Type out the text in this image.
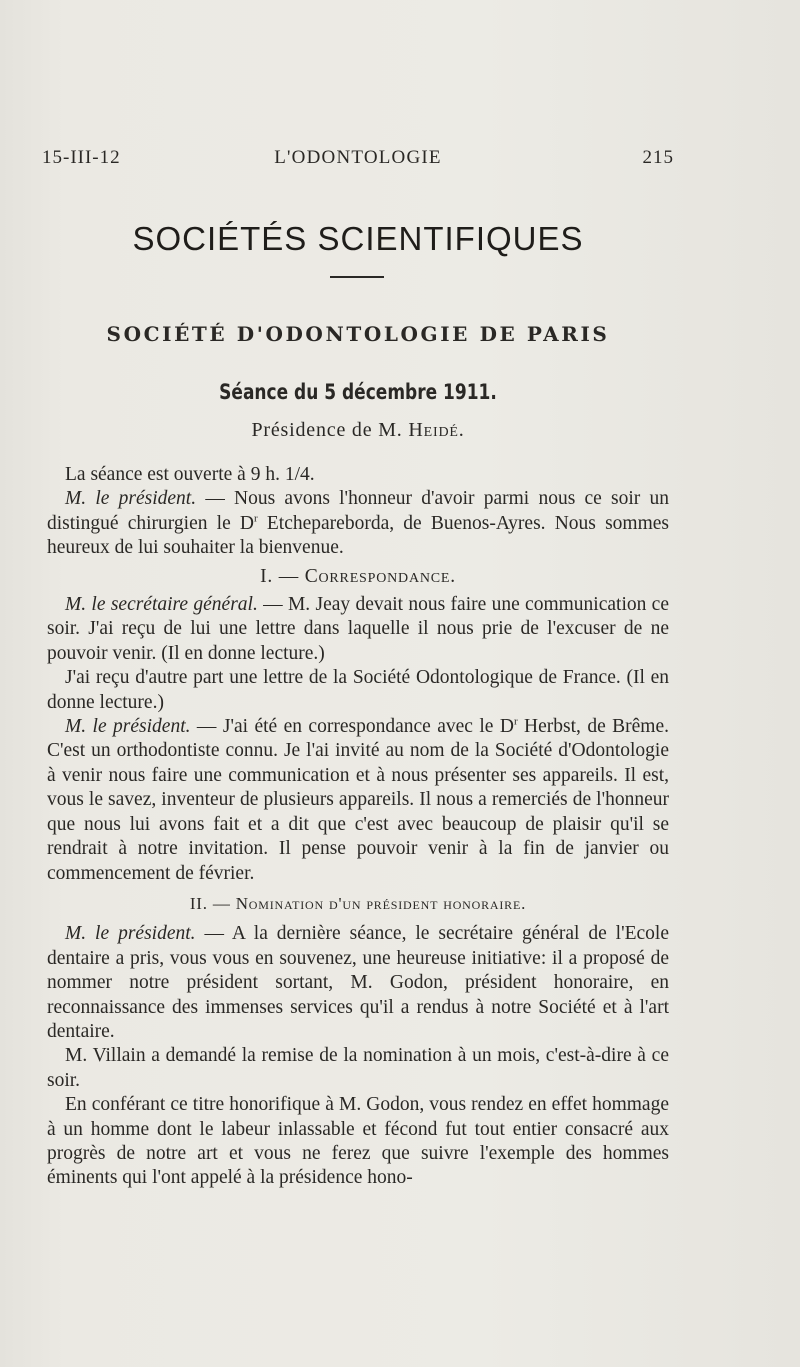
15-III-12	L'ODONTOLOGIE	215
SOCIÉTÉS SCIENTIFIQUES
SOCIÉTÉ D'ODONTOLOGIE DE PARIS
Séance du 5 décembre 1911.
Présidence de M. Heidé.

La séance est ouverte à 9 h. 1/4.

M. le président. — Nous avons l'honneur d'avoir parmi nous ce soir un distingué chirurgien le $D^r$ Etchepareborda, de Buenos-Ayres. Nous sommes heureux de lui souhaiter la bienvenue.

I. — Correspondance.

M. le secrétaire général. — M. Jeay devait nous faire une communication ce soir. J'ai reçu de lui une lettre dans laquelle il nous prie de l'excuser de ne pouvoir venir. (Il en donne lecture.)

J'ai reçu d'autre part une lettre de la Société Odontologique de France. (Il en donne lecture.)

M. le président. — J'ai été en correspondance avec le $D^r$ Herbst, de Brême. C'est un orthodontiste connu. Je l'ai invité au nom de la Société d'Odontologie à venir nous faire une communication et à nous présenter ses appareils. Il est, vous le savez, inventeur de plusieurs appareils. Il nous a remerciés de l'honneur que nous lui avons fait et a dit que c'est avec beaucoup de plaisir qu'il se rendrait à notre invitation. Il pense pouvoir venir à la fin de janvier ou commencement de février.

II. — Nomination d'un président honoraire.

M. le président. — A la dernière séance, le secrétaire général de l'Ecole dentaire a pris, vous vous en souvenez, une heureuse initiative: il a proposé de nommer notre président sortant, M. Godon, président honoraire, en reconnaissance des immenses services qu'il a rendus à notre Société et à l'art dentaire.

M. Villain a demandé la remise de la nomination à un mois, c'est-à-dire à ce soir.

En conférant ce titre honorifique à M. Godon, vous rendez en effet hommage à un homme dont le labeur inlassable et fécond fut tout entier consacré aux progrès de notre art et vous ne ferez que suivre l'exemple des hommes éminents qui l'ont appelé à la présidence hono-
